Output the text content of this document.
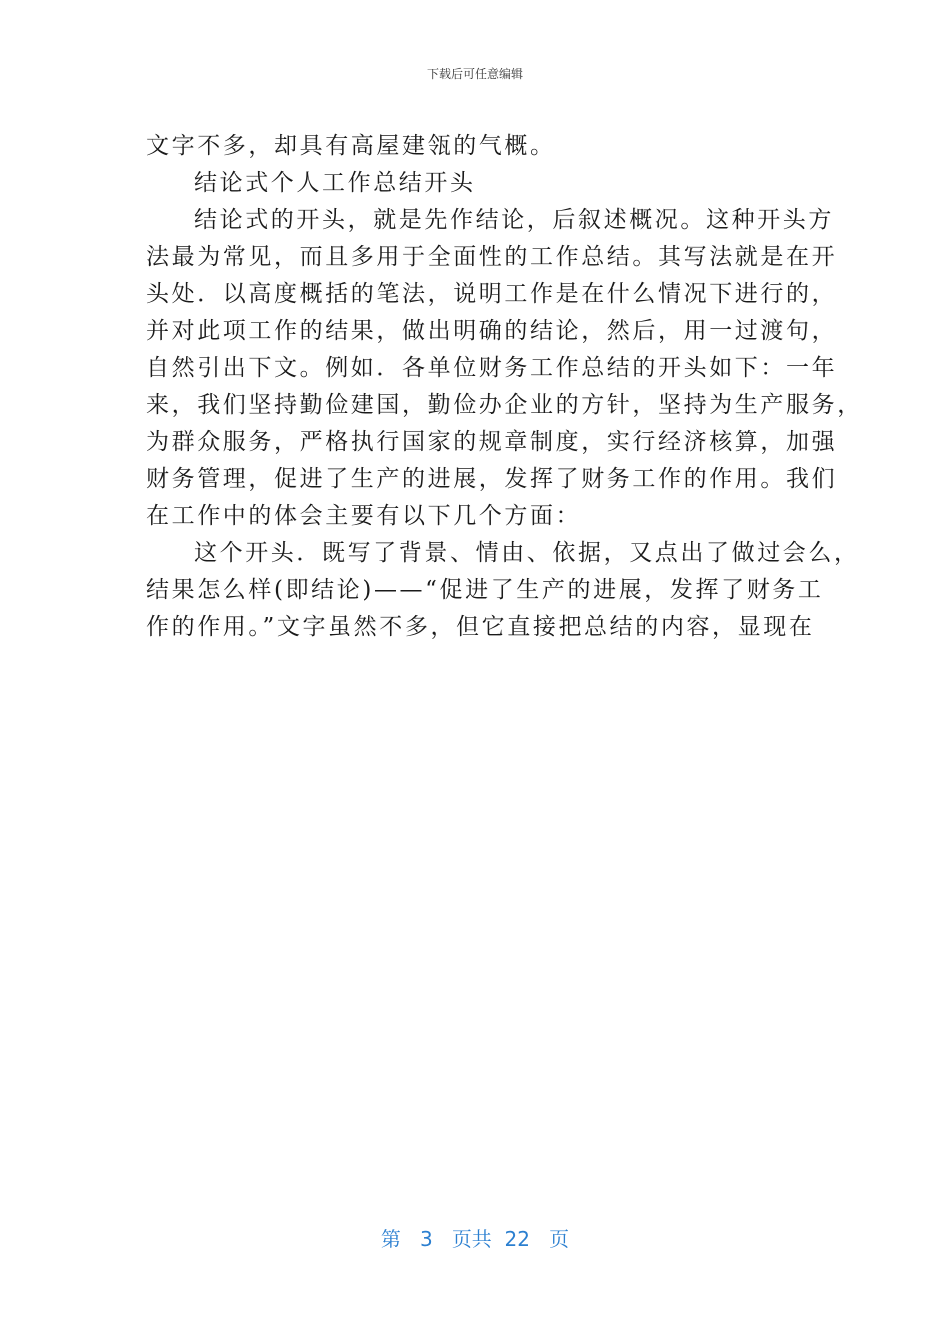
下载后可任意编辑
文字不多，却具有高屋建瓴的气概。
结论式个人工作总结开头
结论式的开头，就是先作结论，后叙述概况。这种开头方
法最为常见，而且多用于全面性的工作总结。其写法就是在开
头处．以高度概括的笔法，说明工作是在什么情况下进行的，
并对此项工作的结果，做出明确的结论，然后，用一过渡句，
自然引出下文。例如．各单位财务工作总结的开头如下：一年
来，我们坚持勤俭建国，勤俭办企业的方针，坚持为生产服务，
为群众服务，严格执行国家的规章制度，实行经济核算，加强
财务管理，促进了生产的进展，发挥了财务工作的作用。我们
在工作中的体会主要有以下几个方面：
这个开头．既写了背景、情由、依据，又点出了做过会么，
结果怎么样(即结论)——“促进了生产的进展，发挥了财务工
作的作用。”文字虽然不多，但它直接把总结的内容，显现在
第 3 页共 22 页
